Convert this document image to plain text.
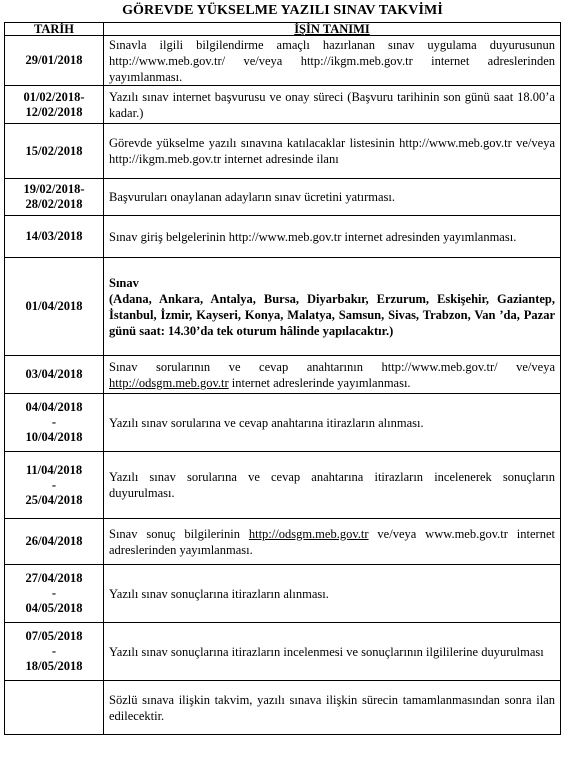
GÖREVDE YÜKSELME YAZILI SINAV TAKVİMİ
TARİH	İŞİN TANIMI

29/01/2018	Sınavla ilgili bilgilendirme amaçlı hazırlanan sınav uygulama duyurusunun http://www.meb.gov.tr/ ve/veya http://ikgm.meb.gov.tr internet adreslerinden yayımlanması.

01/02/2018-
12/02/2018	Yazılı sınav internet başvurusu ve onay süreci (Başvuru tarihinin son günü saat 18.00’a kadar.)

15/02/2018	Görevde yükselme yazılı sınavına katılacaklar listesinin http://www.meb.gov.tr ve/veya http://ikgm.meb.gov.tr internet adresinde ilanı

19/02/2018-
28/02/2018	Başvuruları onaylanan adayların sınav ücretini yatırması.

14/03/2018	Sınav giriş belgelerinin http://www.meb.gov.tr internet adresinden yayımlanması.

01/04/2018	Sınav
(Adana, Ankara, Antalya, Bursa, Diyarbakır, Erzurum, Eskişehir, Gaziantep, İstanbul, İzmir, Kayseri, Konya, Malatya, Samsun, Sivas, Trabzon, Van ’da, Pazar günü saat: 14.30’da tek oturum hâlinde yapılacaktır.)

03/04/2018	Sınav sorularının ve cevap anahtarının http://www.meb.gov.tr/ ve/veya http://odsgm.meb.gov.tr internet adreslerinde yayımlanması.

04/04/2018
-
10/04/2018	Yazılı sınav sorularına ve cevap anahtarına itirazların alınması.

11/04/2018
-
25/04/2018	Yazılı sınav sorularına ve cevap anahtarına itirazların incelenerek sonuçların duyurulması.

26/04/2018	Sınav sonuç bilgilerinin http://odsgm.meb.gov.tr ve/veya www.meb.gov.tr internet adreslerinden yayımlanması.

27/04/2018
-
04/05/2018	Yazılı sınav sonuçlarına itirazların alınması.

07/05/2018
-
18/05/2018	Yazılı sınav sonuçlarına itirazların incelenmesi ve sonuçlarının ilgililerine duyurulması
	Sözlü sınava ilişkin takvim, yazılı sınava ilişkin sürecin tamamlanmasından sonra ilan edilecektir.
